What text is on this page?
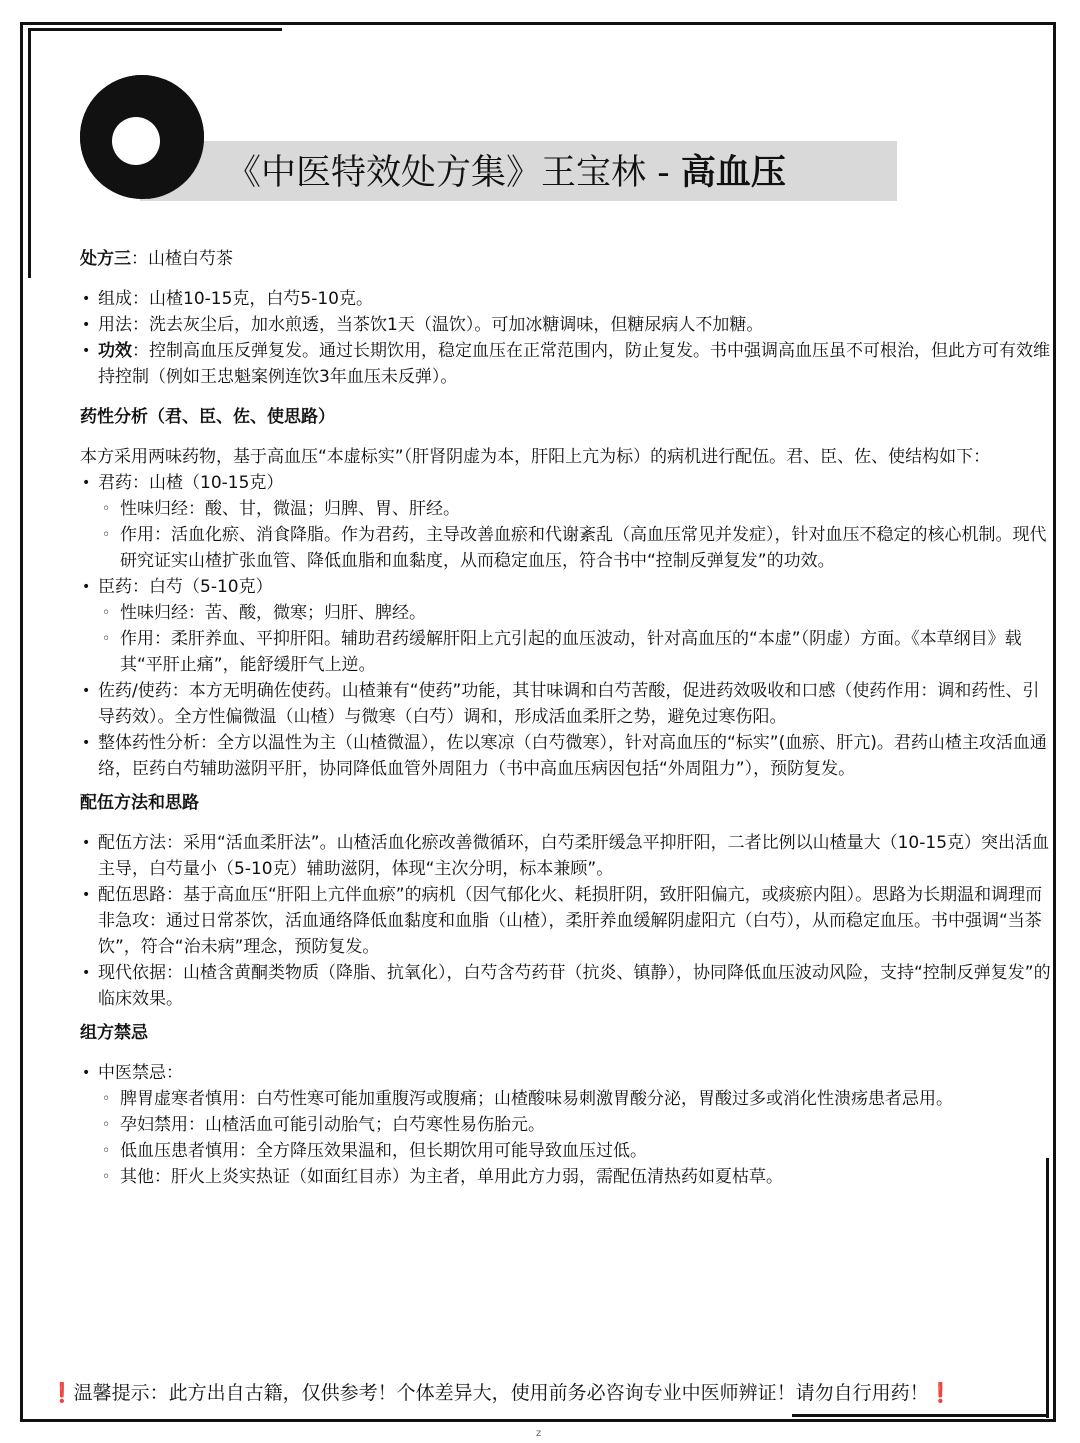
《中医特效处方集》王宝林 - 高血压

处方三：山楂白芍茶

• 组成：山楂10-15克，白芍5-10克。
• 用法：洗去灰尘后，加水煎透，当茶饮1天（温饮）。可加冰糖调味，但糖尿病人不加糖。
• 功效：控制高血压反弹复发。通过长期饮用，稳定血压在正常范围内，防止复发。书中强调高血压虽不可根治，但此方可有效维持控制（例如王忠魁案例连饮3年血压未反弹）。

药性分析（君、臣、佐、使思路）

本方采用两味药物，基于高血压“本虚标实”（肝肾阴虚为本，肝阳上亢为标）的病机进行配伍。君、臣、佐、使结构如下：

• 君药：山楂（10-15克）
◦ 性味归经：酸、甘，微温；归脾、胃、肝经。
◦ 作用：活血化瘀、消食降脂。作为君药，主导改善血瘀和代谢紊乱（高血压常见并发症），针对血压不稳定的核心机制。现代研究证实山楂扩张血管、降低血脂和血黏度，从而稳定血压，符合书中“控制反弹复发”的功效。
• 臣药：白芍（5-10克）
◦ 性味归经：苦、酸，微寒；归肝、脾经。
◦ 作用：柔肝养血、平抑肝阳。辅助君药缓解肝阳上亢引起的血压波动，针对高血压的“本虚”（阴虚）方面。《本草纲目》载其“平肝止痛”，能舒缓肝气上逆。
• 佐药/使药：本方无明确佐使药。山楂兼有“使药”功能，其甘味调和白芍苦酸，促进药效吸收和口感（使药作用：调和药性、引导药效）。全方性偏微温（山楂）与微寒（白芍）调和，形成活血柔肝之势，避免过寒伤阳。
• 整体药性分析：全方以温性为主（山楂微温），佐以寒凉（白芍微寒），针对高血压的“标实”(血瘀、肝亢)。君药山楂主攻活血通络，臣药白芍辅助滋阴平肝，协同降低血管外周阻力（书中高血压病因包括“外周阻力”），预防复发。

配伍方法和思路

• 配伍方法：采用“活血柔肝法”。山楂活血化瘀改善微循环，白芍柔肝缓急平抑肝阳，二者比例以山楂量大（10-15克）突出活血主导，白芍量小（5-10克）辅助滋阴，体现“主次分明，标本兼顾”。
• 配伍思路：基于高血压“肝阳上亢伴血瘀”的病机（因气郁化火、耗损肝阴，致肝阳偏亢，或痰瘀内阻）。思路为长期温和调理而非急攻：通过日常茶饮，活血通络降低血黏度和血脂（山楂），柔肝养血缓解阴虚阳亢（白芍），从而稳定血压。书中强调“当茶饮”，符合“治未病”理念，预防复发。
• 现代依据：山楂含黄酮类物质（降脂、抗氧化），白芍含芍药苷（抗炎、镇静），协同降低血压波动风险，支持“控制反弹复发”的临床效果。

组方禁忌

• 中医禁忌：
◦ 脾胃虚寒者慎用：白芍性寒可能加重腹泻或腹痛；山楂酸味易刺激胃酸分泌，胃酸过多或消化性溃疡患者忌用。
◦ 孕妇禁用：山楂活血可能引动胎气；白芍寒性易伤胎元。
◦ 低血压患者慎用：全方降压效果温和，但长期饮用可能导致血压过低。
◦ 其他：肝火上炎实热证（如面红目赤）为主者，单用此方力弱，需配伍清热药如夏枯草。
❗温馨提示：此方出自古籍，仅供参考！个体差异大，使用前务必咨询专业中医师辨证！请勿自行用药！❗
z
